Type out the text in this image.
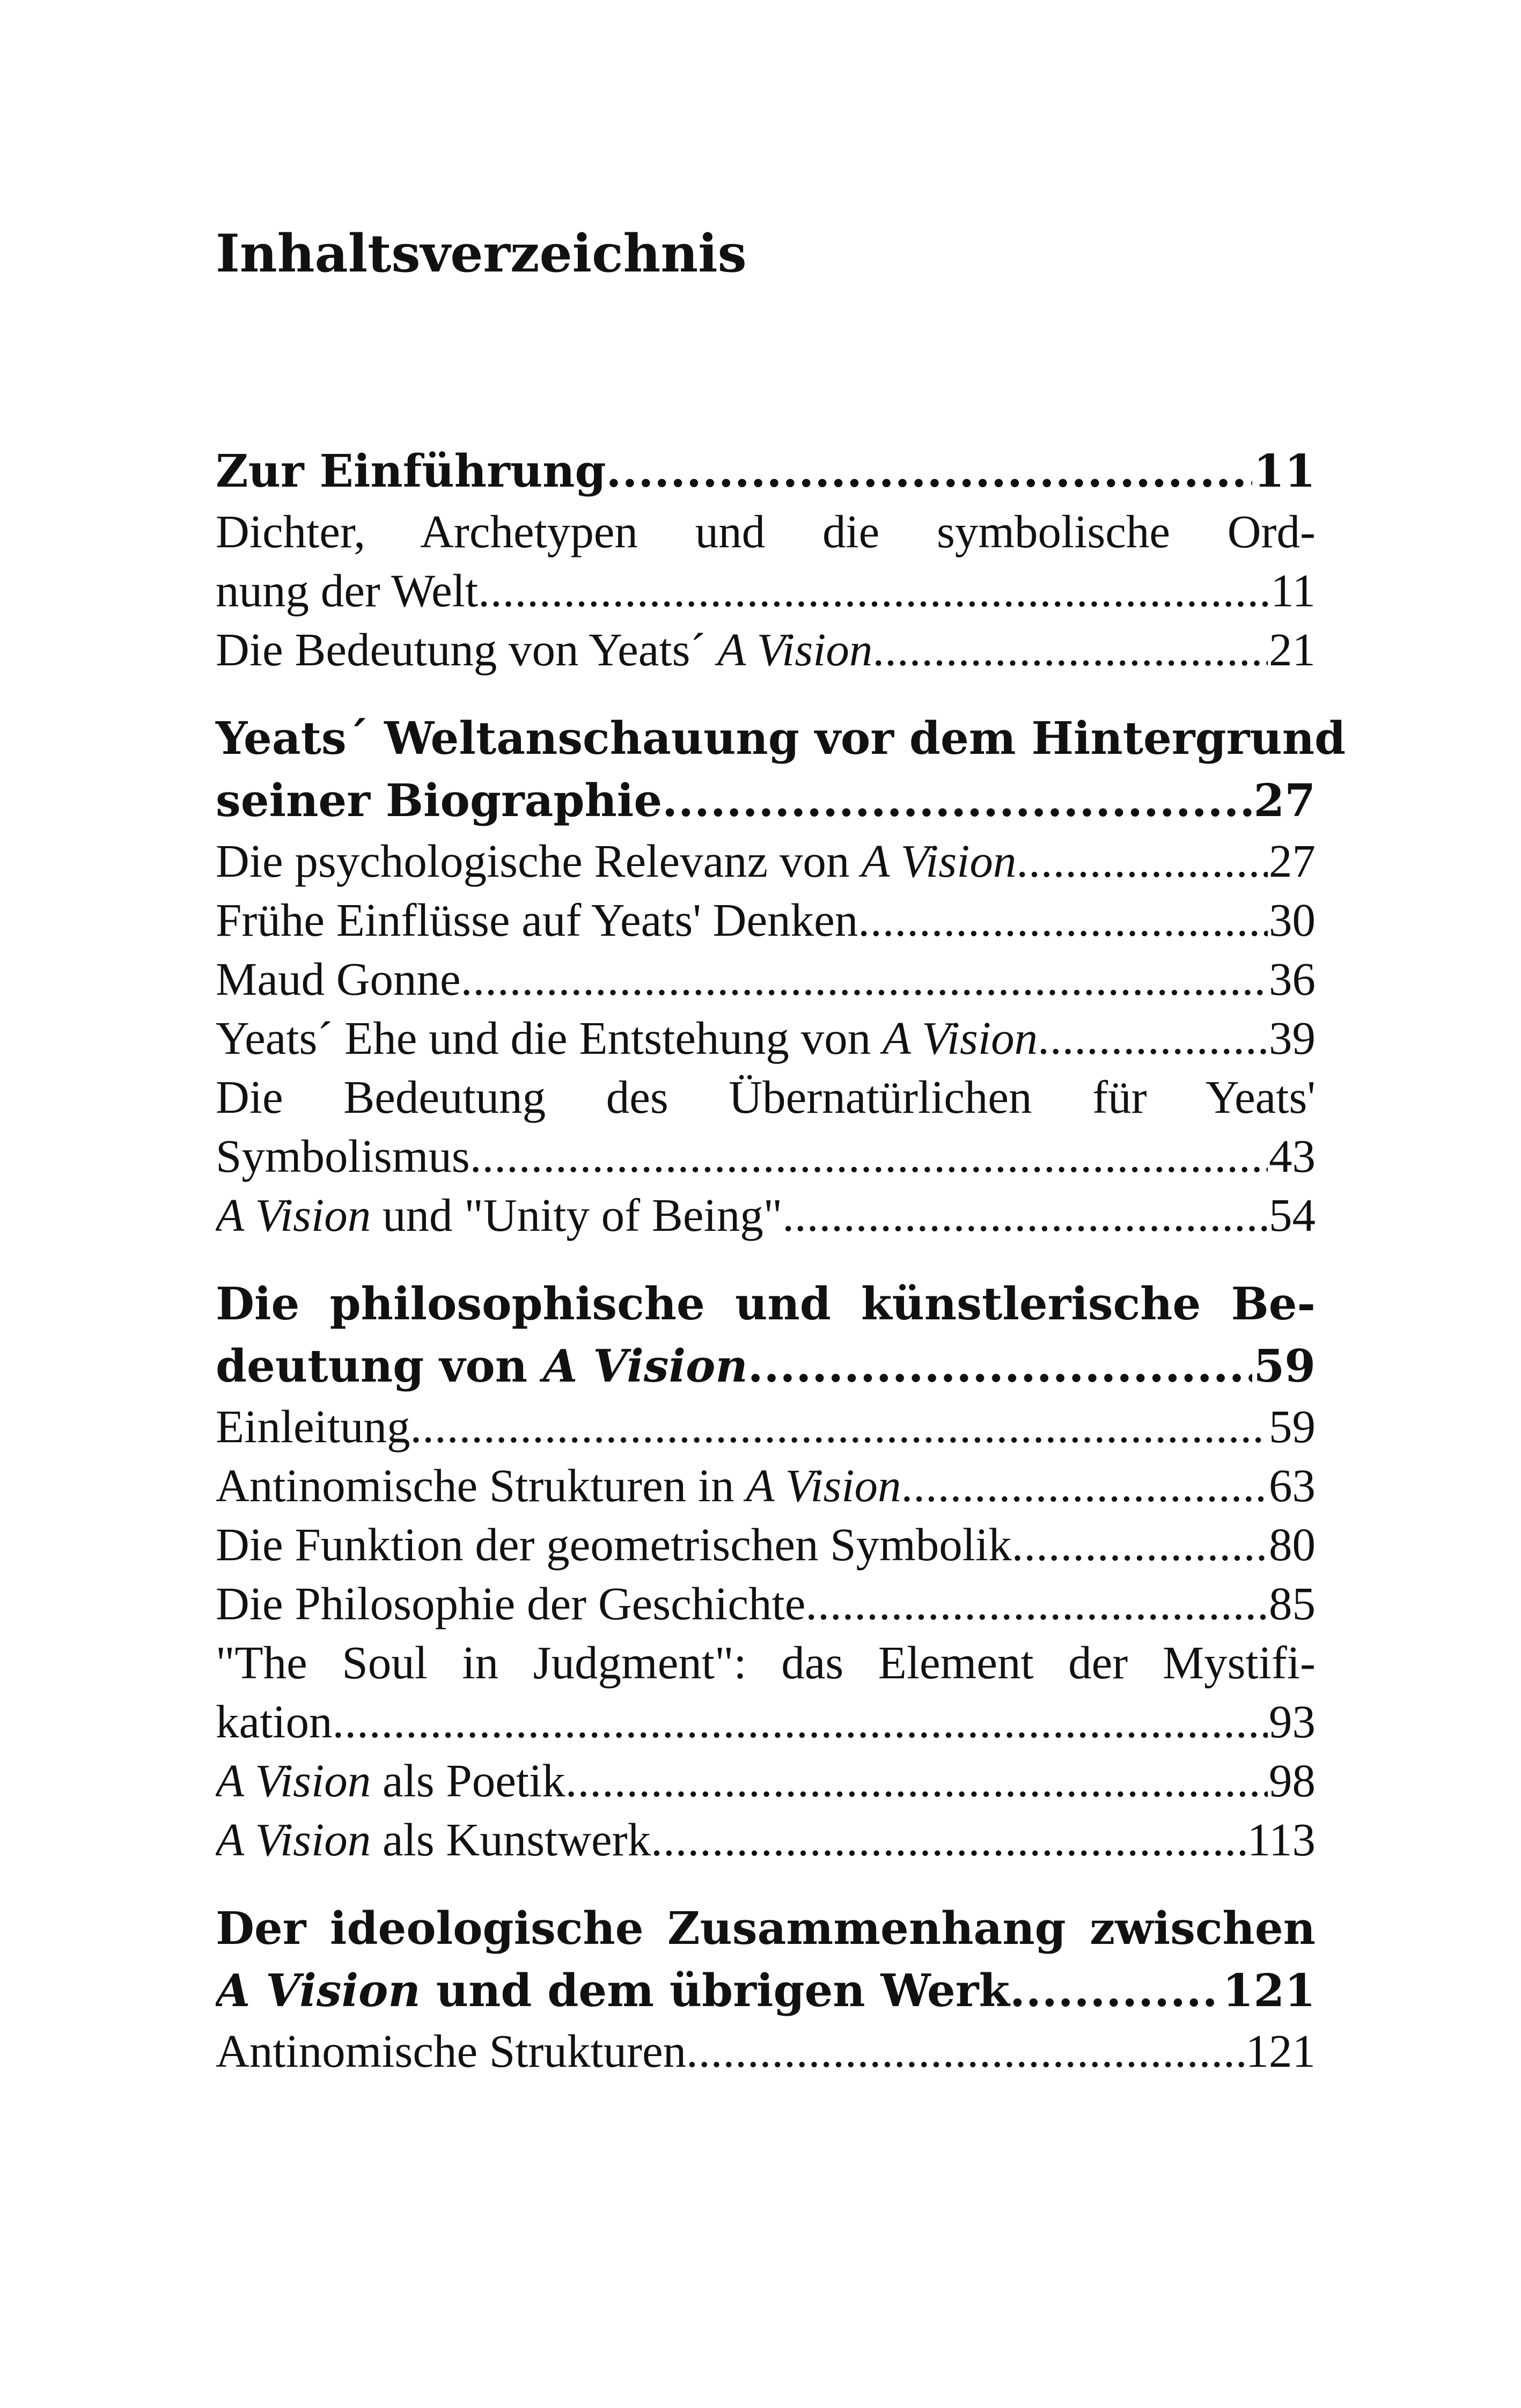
Inhaltsverzeichnis
Zur Einführung .....	11
Dichter, Archetypen und die symbolische Ord-
nung der Welt .....	11
Die Bedeutung von Yeats´ A Vision .....	21
Yeats´ Weltanschauung vor dem Hintergrund
seiner Biographie .....	27
Die psychologische Relevanz von A Vision .....	27
Frühe Einflüsse auf Yeats' Denken .....	30
Maud Gonne .....	36
Yeats´ Ehe und die Entstehung von A Vision .....	39
Die Bedeutung des Übernatürlichen für Yeats'
Symbolismus .....	43
A Vision und "Unity of Being" .....	54
Die philosophische und künstlerische Be-
deutung von A Vision .....	59
Einleitung .....	59
Antinomische Strukturen in A Vision .....	63
Die Funktion der geometrischen Symbolik .....	80
Die Philosophie der Geschichte .....	85
"The Soul in Judgment": das Element der Mystifi-
kation .....	93
A Vision als Poetik .....	98
A Vision als Kunstwerk .....	113
Der ideologische Zusammenhang zwischen
A Vision und dem übrigen Werk .....	121
Antinomische Strukturen .....	121
